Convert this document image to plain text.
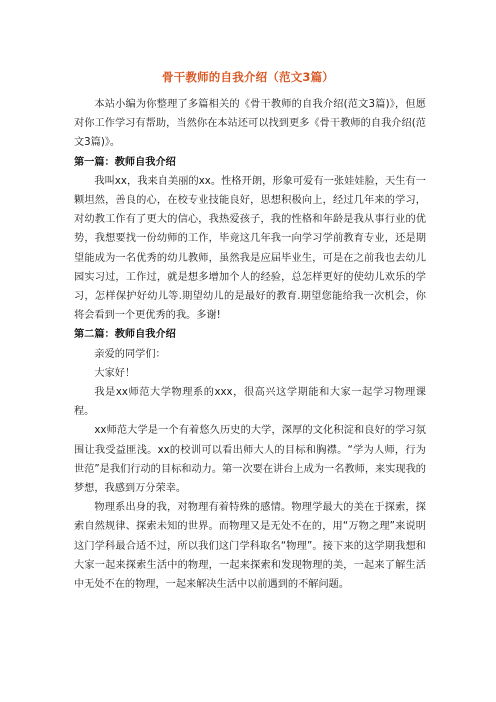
骨干教师的自我介绍（范文3篇）

本站小编为你整理了多篇相关的《骨干教师的自我介绍(范文3篇)》，但愿对你工作学习有帮助，当然你在本站还可以找到更多《骨干教师的自我介绍(范文3篇)》。

第一篇：教师自我介绍

我叫xx，我来自美丽的xx。性格开朗，形象可爱有一张娃娃脸，天生有一颗坦然，善良的心，在校专业技能良好，思想积极向上，经过几年来的学习，对幼教工作有了更大的信心，我热爱孩子，我的性格和年龄是我从事行业的优势，我想要找一份幼师的工作，毕竟这几年我一向学习学前教育专业，还是期望能成为一名优秀的幼儿教师，虽然我是应届毕业生，可是在之前我也去幼儿园实习过，工作过，就是想多增加个人的经验，总怎样更好的使幼儿欢乐的学习，怎样保护好幼儿等.期望幼儿的是最好的教育.期望您能给我一次机会，你将会看到一个更优秀的我。多谢!

第二篇：教师自我介绍

亲爱的同学们：

大家好！

我是xx师范大学物理系的xxx，很高兴这学期能和大家一起学习物理课程。

xx师范大学是一个有着悠久历史的大学，深厚的文化积淀和良好的学习氛围让我受益匪浅。xx的校训可以看出师大人的目标和胸襟。“学为人师，行为世范”是我们行动的目标和动力。第一次要在讲台上成为一名教师，来实现我的梦想，我感到万分荣幸。

物理系出身的我，对物理有着特殊的感情。物理学最大的美在于探索，探索自然规律、探索未知的世界。而物理又是无处不在的，用“万物之理”来说明这门学科最合适不过，所以我们这门学科取名“物理”。接下来的这学期我想和大家一起来探索生活中的物理，一起来探索和发现物理的美，一起来了解生活中无处不在的物理，一起来解决生活中以前遇到的不解问题。
